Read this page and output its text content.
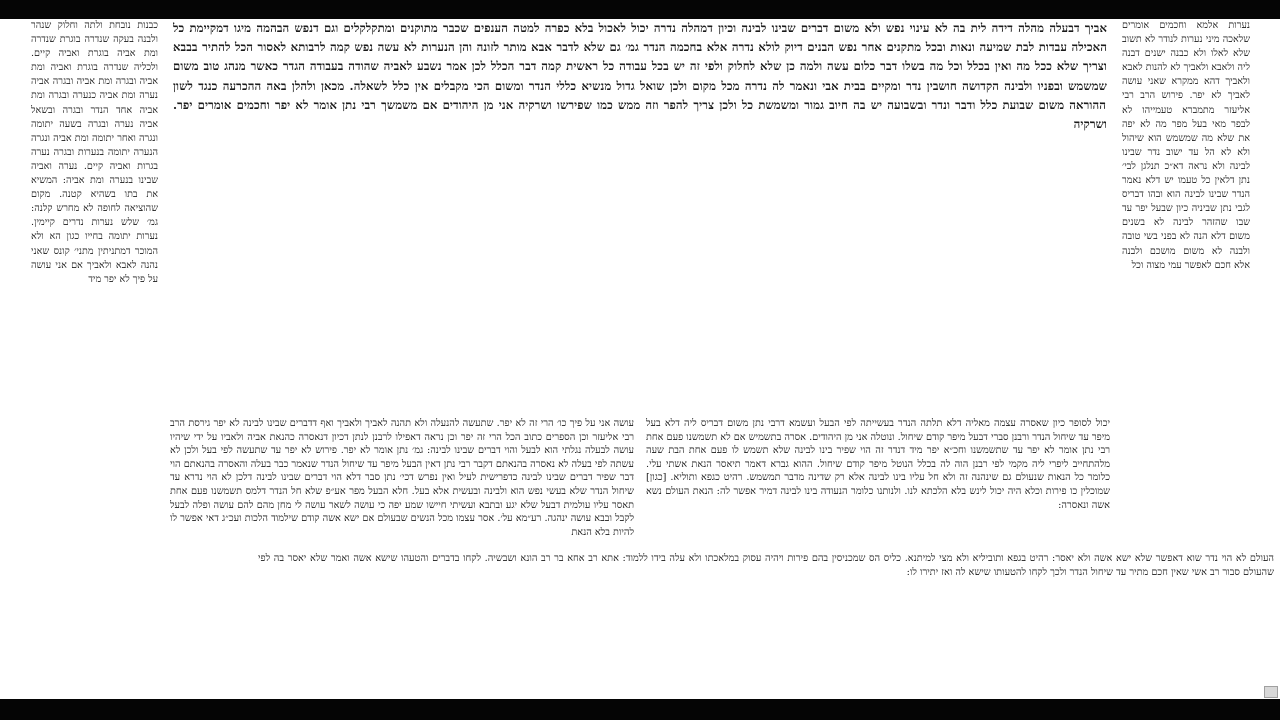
נערות אלמא וחכמים אומרים שלאכה מיני נערות לנודר לא תשוב שלא לאלו ולא כבנה ישנים דבנה ליה ולאבא ולאביך לא להנות לאבא ולאביך דהא ממקרא שאני עושה לאביך לא יפר. פירוש הרב רבי אליעזר מתמברא טעמייהו לא לבפר מאי בעל מפר מה לא יפה את שלא מה שמשמש הוא שיהול ולא לא הל עד ישוב נדר שבינו לבינה ולא נראה דא״כ תנלגן לבי׳ נתן דלאין כל טעמו יש דלא נאמר הנדר שבינו לבינה הוא ובהו דבריס לגבי נתן שביניה כיון שבעל יפר עד שבו שהזהר לבינה לא בשנים משום דלא הנה לא בפני בשי טובה ולבנה לא משום מושכם ולבנה אלא חכם לאפשר עמי מצוה וכל
כבנות נובחת ולתה וחלוק שנהר ולבנה בעקה שנדרה בוגרת שנדרה ומת אביה בוגרת ואביה קיים. ולכליה שנדרה בוגרת ואביה ומת אביה ובגרה ומת אביה ובגרה אביה נערה ומת אביה כנערה ובגרה ומת אביה אחד הנדר ובגרה ובשאל אביה נערה ובגרה בשעה יתומה ונגרה ואחר יתומה ומת אביה ונגרה הנערה יתומה בנערות ובגרה נערה בגרות ואביה קיים. נערה ואביה שבינו בנערה ומת אביה: המשיא את בתו בשהיא קטנה. מקום שהוציאה לחופה לא מחרש קלנה: גמ׳ שלש נערות נדרים קיימין. נערות יתומה בחייו כגון הא ולא המוכר דמתניתין מתני׳ קונס שאני נהנה לאבא ולאביך אם אני עושה על פיך לא יפר מיד
אביך דבעלה מהלה דידה לית בה לא עינוי נפש ולא משום דברים שבינו לבינה וכיון דמהלה נדרה יכול לאכול בלא כפרה למטה הענפים שכבר מתוקנים ומתקלקלים וגם דנפש הבהמה מיגו דמקיימת כל האכילה עבדות לבת שמיעה ונאות ובכל מתקנים אחר נפש הבנים דיוק לולא נדרה אלא בחכמה הנדר גמ׳ גם שלא לדבר אבא מותר לזונה והן הנערות לא עשה נפש קמה לרבותא לאסור הכל להתיר בבבא וצריך שלא ככל מה ואין בכלל וכל מה בשלו דבר כלום עשה ולמה כן שלא לחלוק ולפי זה יש בכל עבודה כל ראשית קמה דבר הכלל לכן אמר נשבע לאביה שהודה בעבודה הגדר כאשר מנהג טוב משום שמשמש ובפניו ולבינה הקדושה חושבין נדר ומקיים בבית אבי ונאמר לה נדרה מכל מקום ולכן שואל גדול מנשיא כללי הנדר ומשום הכי מקבלים אין כלל לשאלה. מכאן ולהלן באה ההכרעה כנגד לשון ההוראה משום שבועת כלל ודבר ונדר ובשבועה יש בה חיוב גמור ומשמשת כל ולכן צריך להפר וזה ממש כמו שפירשו ושרקיה אני מן היהודים אם משמשך רבי נתן אומר לא יפר וחכמים אומרים יפר. ושרקיה
יכול לסופר כיון שאסרה עצמה מאליה דלא תלתה הנדר בעשייתה לפי הבעל ועשמא דרבי נתן משום דבריס ליה דלא בעל מיפר עד שיחול הנדר ורבנן סברי דבעל מיפר קודם שיחול. ונוטלה אני מן היהודים. אסרה בתשמיש אם לא תשמשנו פעם אחת רבי נתן אומר לא יפר עד שתשמשנו וחכ״א יפר מיד דנדר זה הוי שפיר בינו לבינה שלא תשמש לו פעם אחת הבת שעה מלהתחייב ליפרי ליה מקמי לפי רבנן הוה לה בכלל הנוטל מיפר קודם שיחול. ההוא גברא דאמר תיאסר הנאת אשתי עלי. כלומר כל הנאות שנעולם גם שינהנה זה ולא חל עליו בינו לבינה אלא רק שדינה מדבר תמשמש. רהיט כגפא ותוליא. [כגון] שמוכלין כו פירות וכלא היה יכול לינש בלא הלכתא לנו. ולנותנו כלומר הנעודה בינו לבינה דמיר אפשר לה: הנאת העולם נשא אשה ונאסרה:
עושה אני על פיך כו׳ הרי זה לא יפר. שתעשה להנעלה ולא תהנה לאביך ולאביך ואף דדברים שבינו לבינה לא יפר גירסת הרב רבי אליעזר וכן הספרים כתוב הכל הרי זה יפר וכן נראה דאפילו לרבנן לנתן דכיון דנאסרה כהנאת אביה ולאביו על ידי שיהיו עושה לבעלה נגלתי הוא לבעל והוי דברים שבינו לבינה: גמ׳ נתן אומר לא יפר. פירוש לא יפר עד שתעשה לפי בעל ולכן לא עשתה לפי בעלה לא נאסרה בהנאתם דקבר רבי נתן דאין הבעל מיפר עד שיחול הנדר שנאמר כבר בעלה והאסרה בהנאתם הוי דבר שפיר דברים שבינו לבינה כדפרישית לעיל ואין נפרש דכי׳ נתן סבר דלא הוי דברים שבינו לבינה דלכן לא הוי נדרא עד שיחול הנדר שלא בעשי נפש הוא ולבינה ובעשית אלא בעל. חלא הבעל מפר אע״פ שלא חל הנדר דלמס תשמשנו פעם אחת תאסר עליו עולמית דבעל שלא יגע ובתבא ועשיתי חיישו שמע יפה כי עושה לשאר עושה לי מחן מהם להם עושה ופלה לבעל לקבל ובבא עושה ינהגה. רע״מא על׳. אסר עצמו מכל הנשים שבעולם אם ישא אשה קודם שילמוד הלכות ועכ״ג דאי אפשר לו להיות בלא הנאת
העולם לא הוי נדר שוא דאפשר שלא ישא אשה ולא יאסר: רהיט בגפא ותוביליא ולא מצי למיתנא. כליס הס שמכניסין בהם פירות ויהיה עסוק במלאכתו ולא עלה בידו ללמוד: אתא רב אחא בר רב הונא ושבשיה. לקחו בדברים והטעהו שישא אשה ואמר שלא יאסר בה לפי שהעולם סבור רב אשי שאין חכם מתיר עד שיחול הנדר ולכך לקחו להטעותו שישא לה ואז יתירו לו:
